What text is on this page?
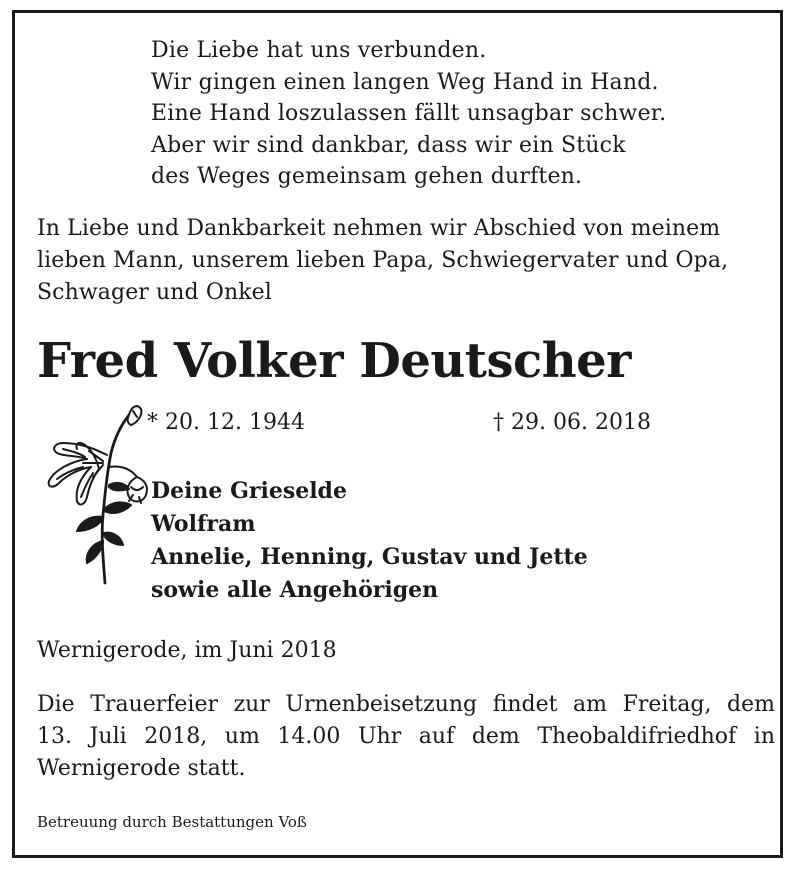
Die Liebe hat uns verbunden.
Wir gingen einen langen Weg Hand in Hand.
Eine Hand loszulassen fällt unsagbar schwer.
Aber wir sind dankbar, dass wir ein Stück
des Weges gemeinsam gehen durften.
In Liebe und Dankbarkeit nehmen wir Abschied von meinem
lieben Mann, unserem lieben Papa, Schwiegervater und Opa,
Schwager und Onkel
Fred Volker Deutscher
* 20. 12. 1944	† 29. 06. 2018
Deine Grieselde
Wolfram
Annelie, Henning, Gustav und Jette
sowie alle Angehörigen
Wernigerode, im Juni 2018
Die Trauerfeier zur Urnenbeisetzung findet am Freitag, dem
13. Juli 2018, um 14.00 Uhr auf dem Theobaldifriedhof in
Wernigerode statt.
Betreuung durch Bestattungen Voß
